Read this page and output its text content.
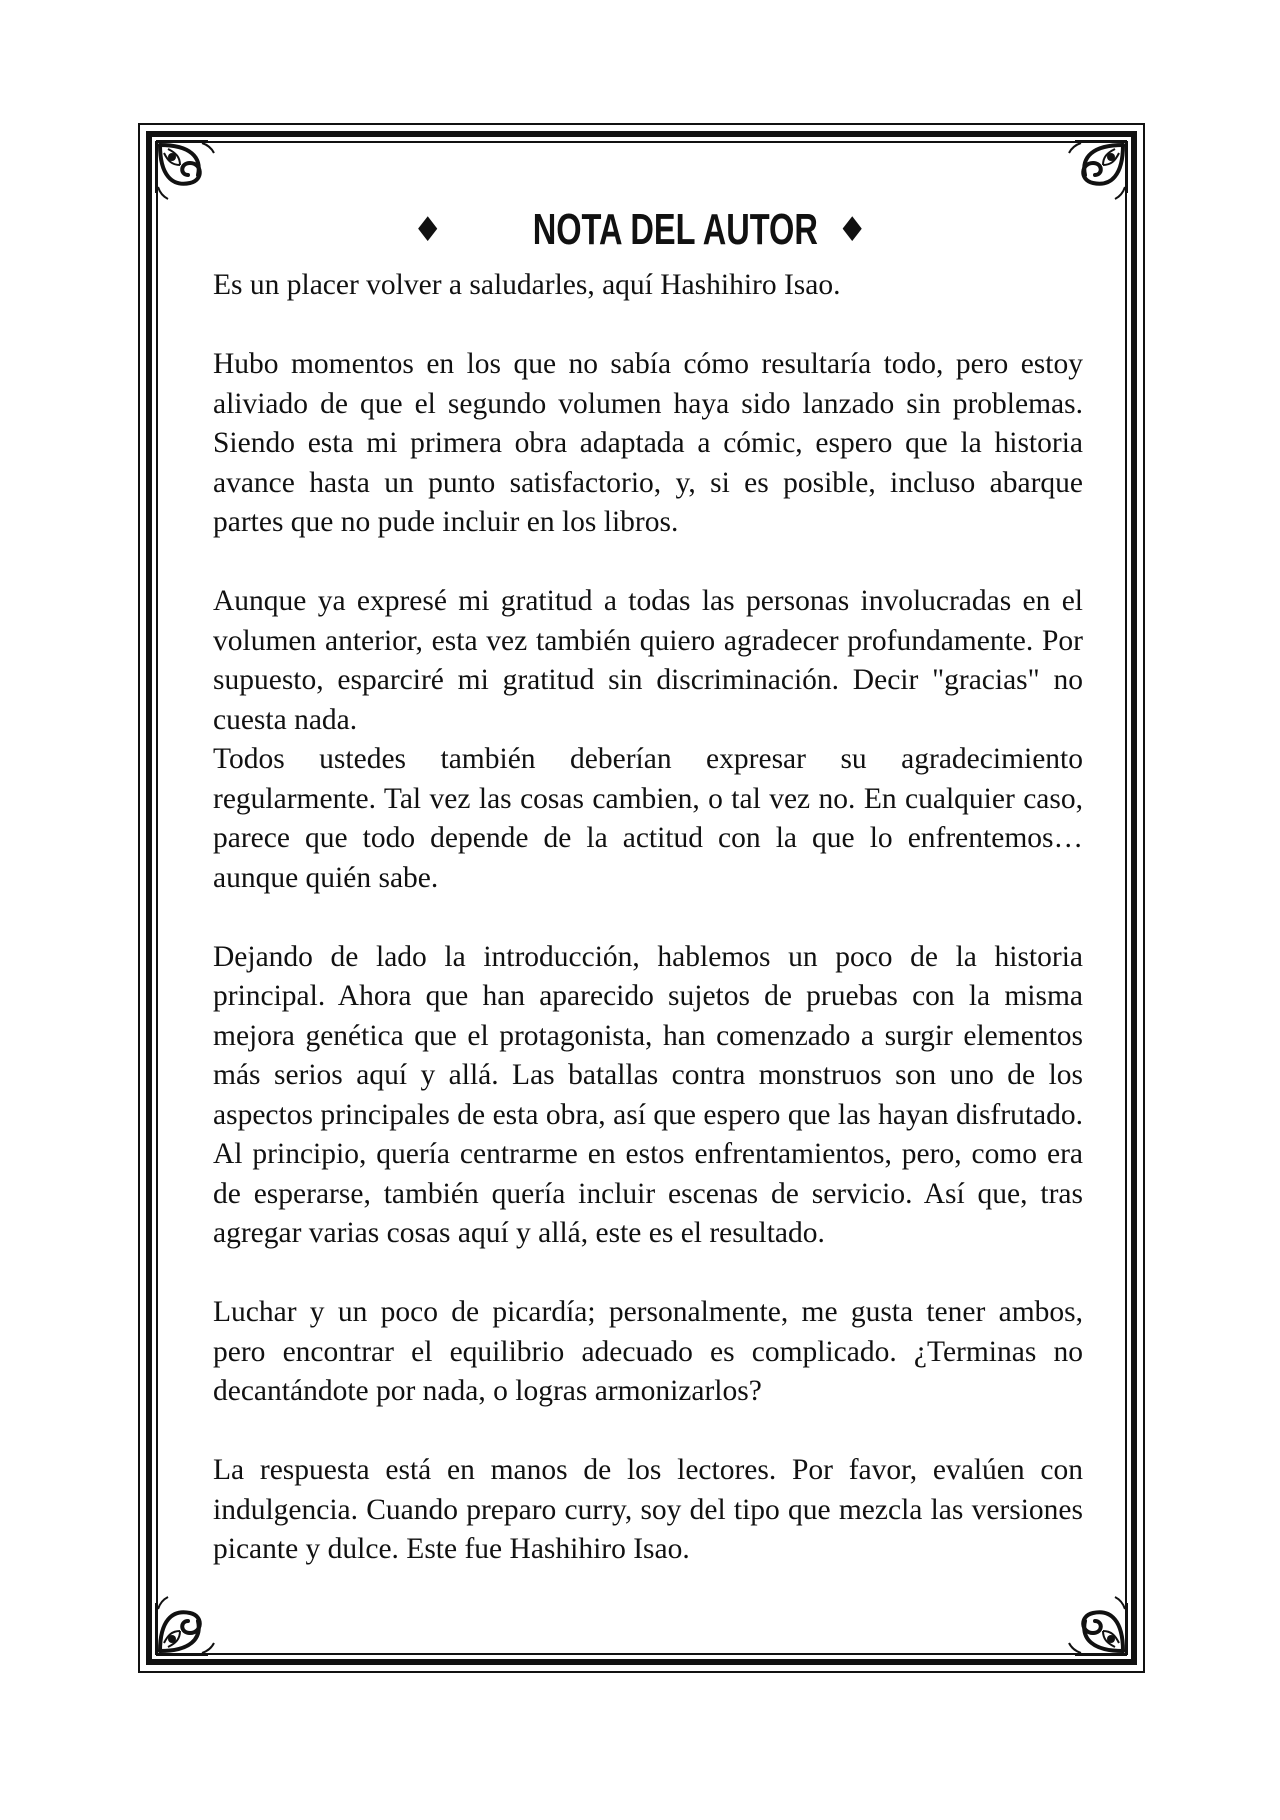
♦ NOTA DEL AUTOR ♦

Es un placer volver a saludarles, aquí Hashihiro Isao.

Hubo momentos en los que no sabía cómo resultaría todo, pero estoy aliviado de que el segundo volumen haya sido lanzado sin problemas. Siendo esta mi primera obra adaptada a cómic, espero que la historia avance hasta un punto satisfactorio, y, si es posible, incluso abarque partes que no pude incluir en los libros.

Aunque ya expresé mi gratitud a todas las personas involucradas en el volumen anterior, esta vez también quiero agradecer profundamente. Por supuesto, esparciré mi gratitud sin discriminación. Decir "gracias" no cuesta nada.

Todos ustedes también deberían expresar su agradecimiento regularmente. Tal vez las cosas cambien, o tal vez no. En cualquier caso, parece que todo depende de la actitud con la que lo enfrentemos… aunque quién sabe.

Dejando de lado la introducción, hablemos un poco de la historia principal. Ahora que han aparecido sujetos de pruebas con la misma mejora genética que el protagonista, han comenzado a surgir elementos más serios aquí y allá. Las batallas contra monstruos son uno de los aspectos principales de esta obra, así que espero que las hayan disfrutado. Al principio, quería centrarme en estos enfrentamientos, pero, como era de esperarse, también quería incluir escenas de servicio. Así que, tras agregar varias cosas aquí y allá, este es el resultado.

Luchar y un poco de picardía; personalmente, me gusta tener ambos, pero encontrar el equilibrio adecuado es complicado. ¿Terminas no decantándote por nada, o logras armonizarlos?

La respuesta está en manos de los lectores. Por favor, evalúen con indulgencia. Cuando preparo curry, soy del tipo que mezcla las versiones picante y dulce. Este fue Hashihiro Isao.
